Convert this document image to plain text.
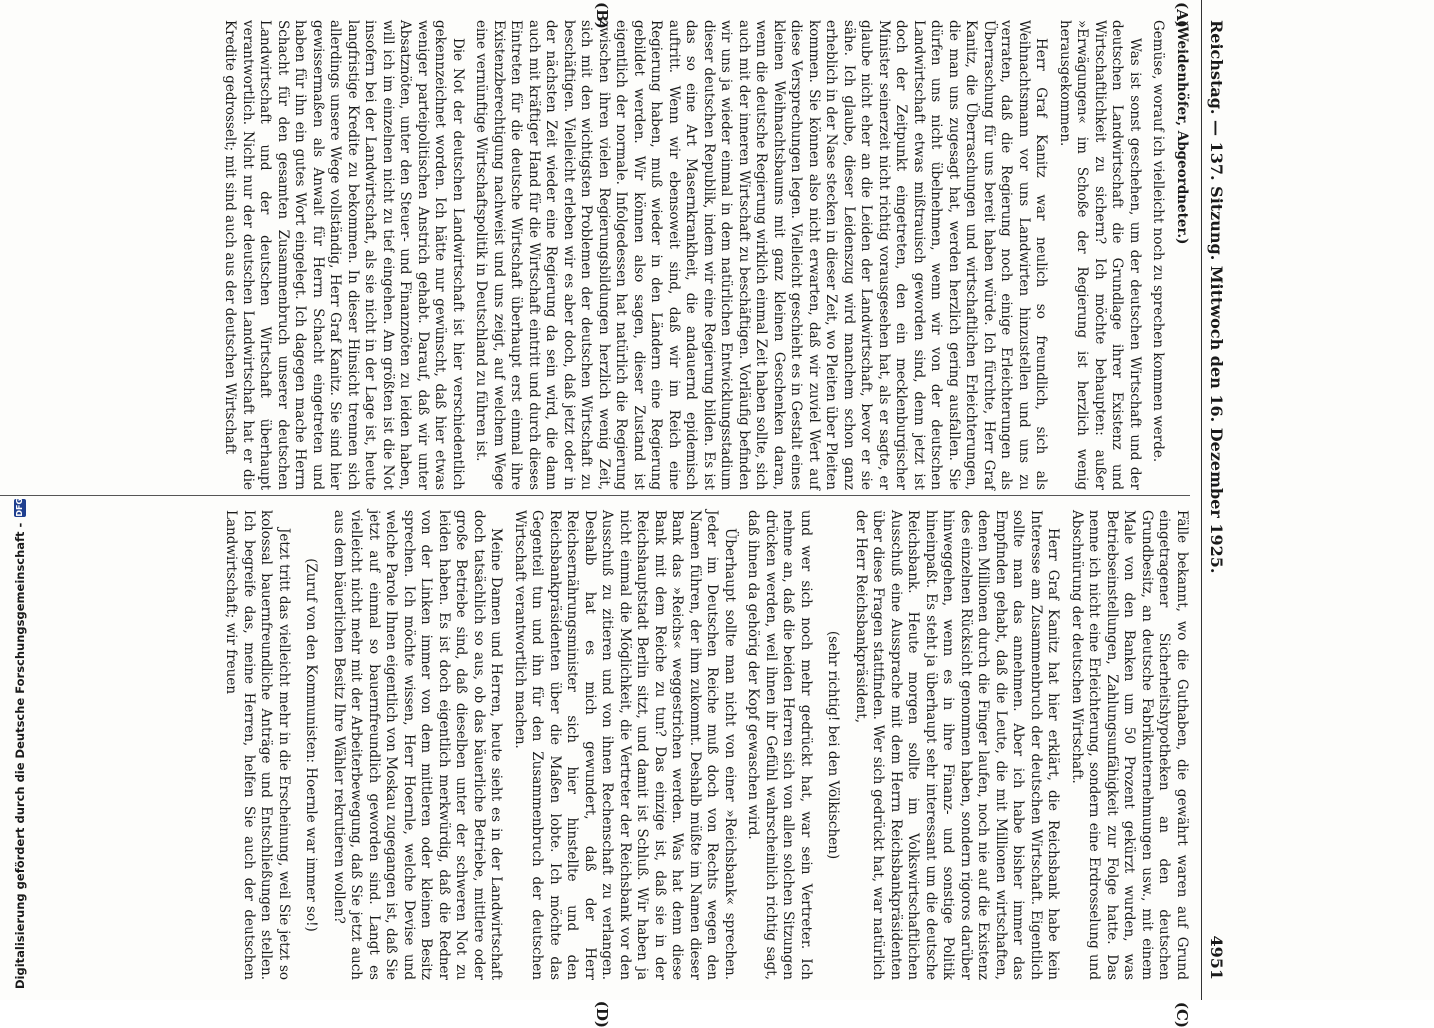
Reichstag. — 137. Sitzung. Mittwoch den 16. Dezember 1925.
4951
(A)
(B)
(C)
(D)

(Weidenhöfer, Abgeordneter.)

Gemüse, worauf ich vielleicht noch zu sprechen kommen werde.

Was ist sonst geschehen, um der deutschen Wirtschaft und der deutschen Landwirtschaft die Grundlage ihrer Existenz und Wirtschaftlichkeit zu sichern? Ich möchte behaupten: außer »Erwägungen« im Schoße der Regierung ist herzlich wenig herausgekommen.

Herr Graf Kanitz war neulich so freundlich, sich als Weihnachtsmann vor uns Landwirten hinzustellen und uns zu verraten, daß die Regierung noch einige Erleichterungen als Überraschung für uns bereit haben würde. Ich fürchte, Herr Graf Kanitz, die Überraschungen und wirtschaftlichen Erleichterungen, die man uns zugesagt hat, werden herzlich gering ausfallen. Sie dürfen uns nicht übelnehmen, wenn wir von der deutschen Landwirtschaft etwas mißtrauisch geworden sind, denn jetzt ist doch der Zeitpunkt eingetreten, den ein mecklenburgischer Minister seinerzeit nicht richtig vorausgesehen hat, als er sagte, er glaube nicht eher an die Leiden der Landwirtschaft, bevor er sie sähe. Ich glaube, dieser Leidenszug wird manchem schon ganz erheblich in der Nase stecken in dieser Zeit, wo Pleiten über Pleiten kommen. Sie können also nicht erwarten, daß wir zuviel Wert auf diese Versprechungen legen. Vielleicht geschieht es in Gestalt eines kleinen Weihnachtsbaums mit ganz kleinen Geschenken daran, wenn die deutsche Regierung wirklich einmal Zeit haben sollte, sich auch mit der inneren Wirtschaft zu beschäftigen. Vorläufig befinden wir uns ja wieder einmal in dem natürlichen Entwicklungsstadium dieser deutschen Republik, indem wir eine Regierung bilden. Es ist das so eine Art Masernkrankheit, die andauernd epidemisch auftritt. Wenn wir ebensoweit sind, daß wir im Reich eine Regierung haben, muß wieder in den Ländern eine Regierung gebildet werden. Wir können also sagen, dieser Zustand ist eigentlich der normale. Infolgedessen hat natürlich die Regierung zwischen ihren vielen Regierungsbildungen herzlich wenig Zeit, sich mit den wichtigsten Problemen der deutschen Wirtschaft zu beschäftigen. Vielleicht erleben wir es aber doch, daß jetzt oder in der nächsten Zeit wieder eine Regierung da sein wird, die dann auch mit kräftiger Hand für die Wirtschaft eintritt und durch dieses Eintreten für die deutsche Wirtschaft überhaupt erst einmal ihre Existenzberechtigung nachweist und uns zeigt, auf welchem Wege eine vernünftige Wirtschaftspolitik in Deutschland zu führen ist.

Die Not der deutschen Landwirtschaft ist hier verschiedentlich gekennzeichnet worden. Ich hätte nur gewünscht, daß hier etwas weniger parteipolitischen Anstrich gehabt. Darauf, daß wir unter Absatznöten, unter den Steuer- und Finanznöten zu leiden haben, will ich im einzelnen nicht zu tief eingehen. Am größten ist die Not insofern bei der Landwirtschaft, als sie nicht in der Lage ist, heute langfristige Kredite zu bekommen. In dieser Hinsicht trennen sich allerdings unsere Wege vollständig, Herr Graf Kanitz. Sie sind hier gewissermaßen als Anwalt für Herrn Schacht eingetreten und haben für ihn ein gutes Wort eingelegt. Ich dagegen mache Herrn Schacht für den gesamten Zusammenbruch unserer deutschen Landwirtschaft und der deutschen Wirtschaft überhaupt verantwortlich. Nicht nur der deutschen Landwirtschaft hat er die Kredite gedrosselt; mit sind auch aus der deutschen Wirtschaft

Fälle bekannt, wo die Guthaben, die gewährt waren auf Grund eingetragener Sicherheitshypotheken an den deutschen Grundbesitz, an deutsche Fabrikunternehmungen usw., mit einem Male von den Banken um 50 Prozent gekürzt wurden, was Betriebseinstellungen, Zahlungsunfähigkeit zur Folge hatte. Das nenne ich nicht eine Erleichterung, sondern eine Erdrosselung und Abschnürung der deutschen Wirtschaft.

Herr Graf Kanitz hat hier erklärt, die Reichsbank habe kein Interesse am Zusammenbruch der deutschen Wirtschaft. Eigentlich sollte man das annehmen. Aber ich habe bisher immer das Empfinden gehabt, daß die Leute, die mit Millionen wirtschaften, denen Millionen durch die Finger laufen, noch nie auf die Existenz des einzelnen Rücksicht genommen haben, sondern rigoros darüber hinweggehen, wenn es in ihre Finanz- und sonstige Politik hineinpaßt. Es steht ja überhaupt sehr interessant um die deutsche Reichsbank. Heute morgen sollte im Volkswirtschaftlichen Ausschuß eine Aussprache mit dem Herrn Reichsbankpräsidenten über diese Fragen stattfinden. Wer sich gedrückt hat, war natürlich der Herr Reichsbankpräsident,

(sehr richtig! bei den Völkischen)

und wer sich noch mehr gedrückt hat, war sein Vertreter. Ich nehme an, daß die beiden Herren sich von allen solchen Sitzungen drücken werden, weil ihnen ihr Gefühl wahrscheinlich richtig sagt, daß ihnen da gehörig der Kopf gewaschen wird.

Überhaupt sollte man nicht von einer »Reichsbank« sprechen. Jeder im Deutschen Reiche muß doch von Rechts wegen den Namen führen, der ihm zukommt. Deshalb müßte im Namen dieser Bank das »Reichs« weggestrichen werden. Was hat denn diese Bank mit dem Reiche zu tun? Das einzige ist, daß sie in der Reichshauptstadt Berlin sitzt, und damit ist Schluß. Wir haben ja nicht einmal die Möglichkeit, die Vertreter der Reichsbank vor den Ausschuß zu zitieren und von ihnen Rechenschaft zu verlangen. Deshalb hat es mich gewundert, daß der Herr Reichsernährungsminister sich hier hinstellte und den Reichsbankpräsidenten über die Maßen lobte. Ich möchte das Gegenteil tun und ihn für den Zusammenbruch der deutschen Wirtschaft verantwortlich machen.

Meine Damen und Herren, heute sieht es in der Landwirtschaft doch tatsächlich so aus, ob das bäuerliche Betriebe, mittlere oder große Betriebe sind, daß dieselben unter der schweren Not zu leiden haben. Es ist doch eigentlich merkwürdig, daß die Redner von der Linken immer von dem mittleren oder kleinen Besitz sprechen. Ich möchte wissen, Herr Hoernle, welche Devise und welche Parole Ihnen eigentlich von Moskau zugegangen ist, daß Sie jetzt auf einmal so bauernfreundlich geworden sind. Langt es vielleicht nicht mehr mit der Arbeiterbewegung, daß Sie jetzt auch aus dem bäuerlichen Besitz Ihre Wähler rekrutieren wollen?

(Zuruf von den Kommunisten: Hoernle war immer so!)

Jetzt tritt das vielleicht mehr in die Erscheinung, weil Sie jetzt so kolossal bauernfreundliche Anträge und Entschließungen stellen. Ich begreife das, meine Herren, helfen Sie auch der deutschen Landwirtschaft; wir freuen

Digitalisierung gefördert durch die Deutsche Forschungsgemeinschaft -
DFG
